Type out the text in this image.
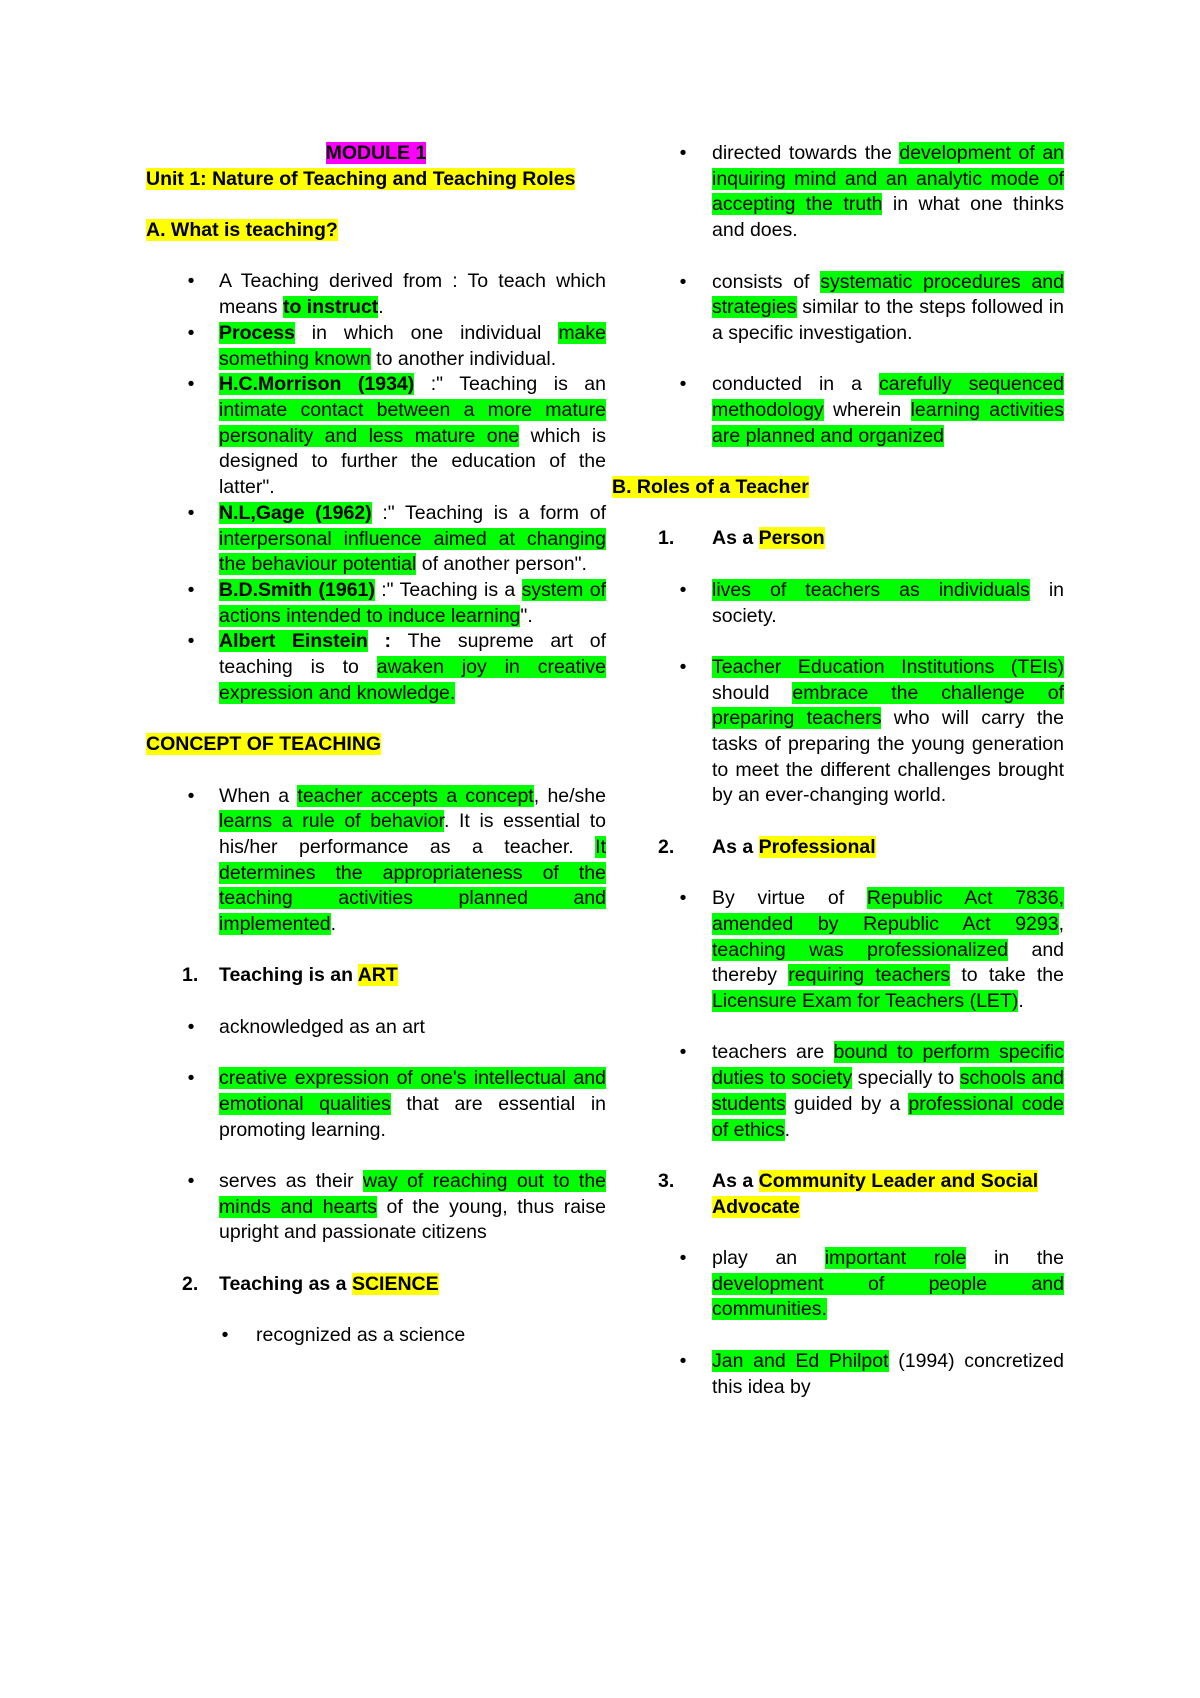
MODULE 1

Unit 1: Nature of Teaching and Teaching Roles

A. What is teaching?

• A Teaching derived from : To teach which means to instruct.
• Process in which one individual make something known to another individual.
• H.C.Morrison (1934) :" Teaching is an intimate contact between a more mature personality and less mature one which is designed to further the education of the latter".
• N.L,Gage (1962) :" Teaching is a form of interpersonal influence aimed at changing the behaviour potential of another person".
• B.D.Smith (1961) :" Teaching is a system of actions intended to induce learning".
• Albert Einstein : The supreme art of teaching is to awaken joy in creative expression and knowledge.

CONCEPT OF TEACHING

• When a teacher accepts a concept, he/she learns a rule of behavior. It is essential to his/her performance as a teacher. It determines the appropriateness of the teaching activities planned and implemented.

1. Teaching is an ART

• acknowledged as an art
• creative expression of one's intellectual and emotional qualities that are essential in promoting learning.
• serves as their way of reaching out to the minds and hearts of the young, thus raise upright and passionate citizens

2. Teaching as a SCIENCE

• recognized as a science
• directed towards the development of an inquiring mind and an analytic mode of accepting the truth in what one thinks and does.
• consists of systematic procedures and strategies similar to the steps followed in a specific investigation.
• conducted in a carefully sequenced methodology wherein learning activities are planned and organized

B. Roles of a Teacher

1. As a Person

• lives of teachers as individuals in society.
• Teacher Education Institutions (TEIs) should embrace the challenge of preparing teachers who will carry the tasks of preparing the young generation to meet the different challenges brought by an ever-changing world.

2. As a Professional

• By virtue of Republic Act 7836, amended by Republic Act 9293, teaching was professionalized and thereby requiring teachers to take the Licensure Exam for Teachers (LET).
• teachers are bound to perform specific duties to society specially to schools and students guided by a professional code of ethics.

3. As a Community Leader and Social Advocate

• play an important role in the development of people and communities.
• Jan and Ed Philpot (1994) concretized this idea by
